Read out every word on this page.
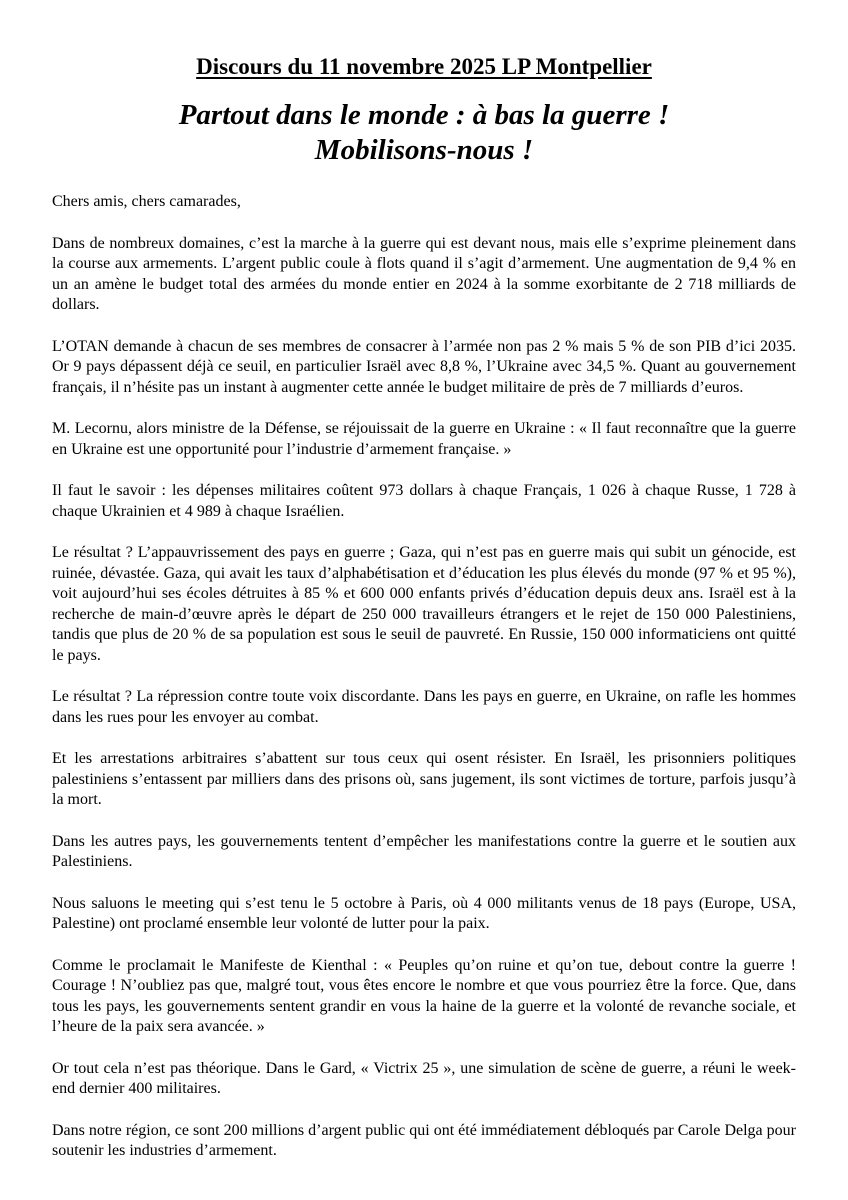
Discours du 11 novembre 2025 LP Montpellier
Partout dans le monde : à bas la guerre !
Mobilisons-nous !

Chers amis, chers camarades,

Dans de nombreux domaines, c’est la marche à la guerre qui est devant nous, mais elle s’exprime pleinement dans la course aux armements. L’argent public coule à flots quand il s’agit d’armement. Une augmentation de 9,4 % en un an amène le budget total des armées du monde entier en 2024 à la somme exorbitante de 2 718 milliards de dollars.

L’OTAN demande à chacun de ses membres de consacrer à l’armée non pas 2 % mais 5 % de son PIB d’ici 2035. Or 9 pays dépassent déjà ce seuil, en particulier Israël avec 8,8 %, l’Ukraine avec 34,5 %. Quant au gouvernement français, il n’hésite pas un instant à augmenter cette année le budget militaire de près de 7 milliards d’euros.

M. Lecornu, alors ministre de la Défense, se réjouissait de la guerre en Ukraine : « Il faut reconnaître que la guerre en Ukraine est une opportunité pour l’industrie d’armement française. »

Il faut le savoir : les dépenses militaires coûtent 973 dollars à chaque Français, 1 026 à chaque Russe, 1 728 à chaque Ukrainien et 4 989 à chaque Israélien.

Le résultat ? L’appauvrissement des pays en guerre ; Gaza, qui n’est pas en guerre mais qui subit un génocide, est ruinée, dévastée. Gaza, qui avait les taux d’alphabétisation et d’éducation les plus élevés du monde (97 % et 95 %), voit aujourd’hui ses écoles détruites à 85 % et 600 000 enfants privés d’éducation depuis deux ans. Israël est à la recherche de main-d’œuvre après le départ de 250 000 travailleurs étrangers et le rejet de 150 000 Palestiniens, tandis que plus de 20 % de sa population est sous le seuil de pauvreté. En Russie, 150 000 informaticiens ont quitté le pays.

Le résultat ? La répression contre toute voix discordante. Dans les pays en guerre, en Ukraine, on rafle les hommes dans les rues pour les envoyer au combat.

Et les arrestations arbitraires s’abattent sur tous ceux qui osent résister. En Israël, les prisonniers politiques palestiniens s’entassent par milliers dans des prisons où, sans jugement, ils sont victimes de torture, parfois jusqu’à la mort.

Dans les autres pays, les gouvernements tentent d’empêcher les manifestations contre la guerre et le soutien aux Palestiniens.

Nous saluons le meeting qui s’est tenu le 5 octobre à Paris, où 4 000 militants venus de 18 pays (Europe, USA, Palestine) ont proclamé ensemble leur volonté de lutter pour la paix.

Comme le proclamait le Manifeste de Kienthal : « Peuples qu’on ruine et qu’on tue, debout contre la guerre ! Courage ! N’oubliez pas que, malgré tout, vous êtes encore le nombre et que vous pourriez être la force. Que, dans tous les pays, les gouvernements sentent grandir en vous la haine de la guerre et la volonté de revanche sociale, et l’heure de la paix sera avancée. »

Or tout cela n’est pas théorique. Dans le Gard, « Victrix 25 », une simulation de scène de guerre, a réuni le week-end dernier 400 militaires.

Dans notre région, ce sont 200 millions d’argent public qui ont été immédiatement débloqués par Carole Delga pour soutenir les industries d’armement.
